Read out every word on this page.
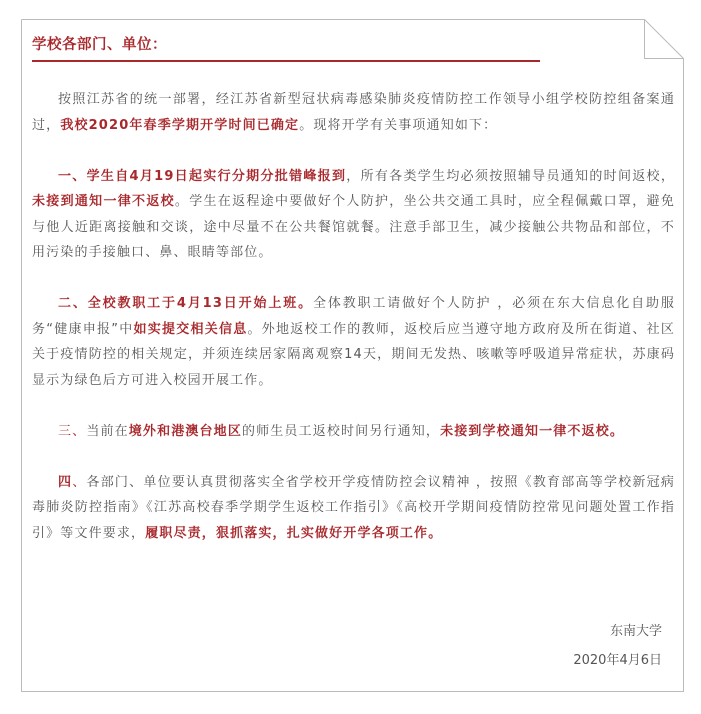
学校各部门、单位：

按照江苏省的统一部署，经江苏省新型冠状病毒感染肺炎疫情防控工作领导小组学校防控组备案通过，我校2020年春季学期开学时间已确定。现将开学有关事项通知如下：

一、学生自4月19日起实行分期分批错峰报到，所有各类学生均必须按照辅导员通知的时间返校，未接到通知一律不返校。学生在返程途中要做好个人防护，坐公共交通工具时，应全程佩戴口罩，避免与他人近距离接触和交谈，途中尽量不在公共餐馆就餐。注意手部卫生，减少接触公共物品和部位，不用污染的手接触口、鼻、眼睛等部位。

二、全校教职工于4月13日开始上班。全体教职工请做好个人防护 ，必须在东大信息化自助服务“健康申报”中如实提交相关信息。外地返校工作的教师，返校后应当遵守地方政府及所在街道、社区关于疫情防控的相关规定，并须连续居家隔离观察14天，期间无发热、咳嗽等呼吸道异常症状，苏康码显示为绿色后方可进入校园开展工作。

三、当前在境外和港澳台地区的师生员工返校时间另行通知，未接到学校通知一律不返校。

四、各部门、单位要认真贯彻落实全省学校开学疫情防控会议精神 ，按照《教育部高等学校新冠病毒肺炎防控指南》《江苏高校春季学期学生返校工作指引》《高校开学期间疫情防控常见问题处置工作指引》等文件要求，履职尽责，狠抓落实，扎实做好开学各项工作。

东南大学
2020年4月6日
